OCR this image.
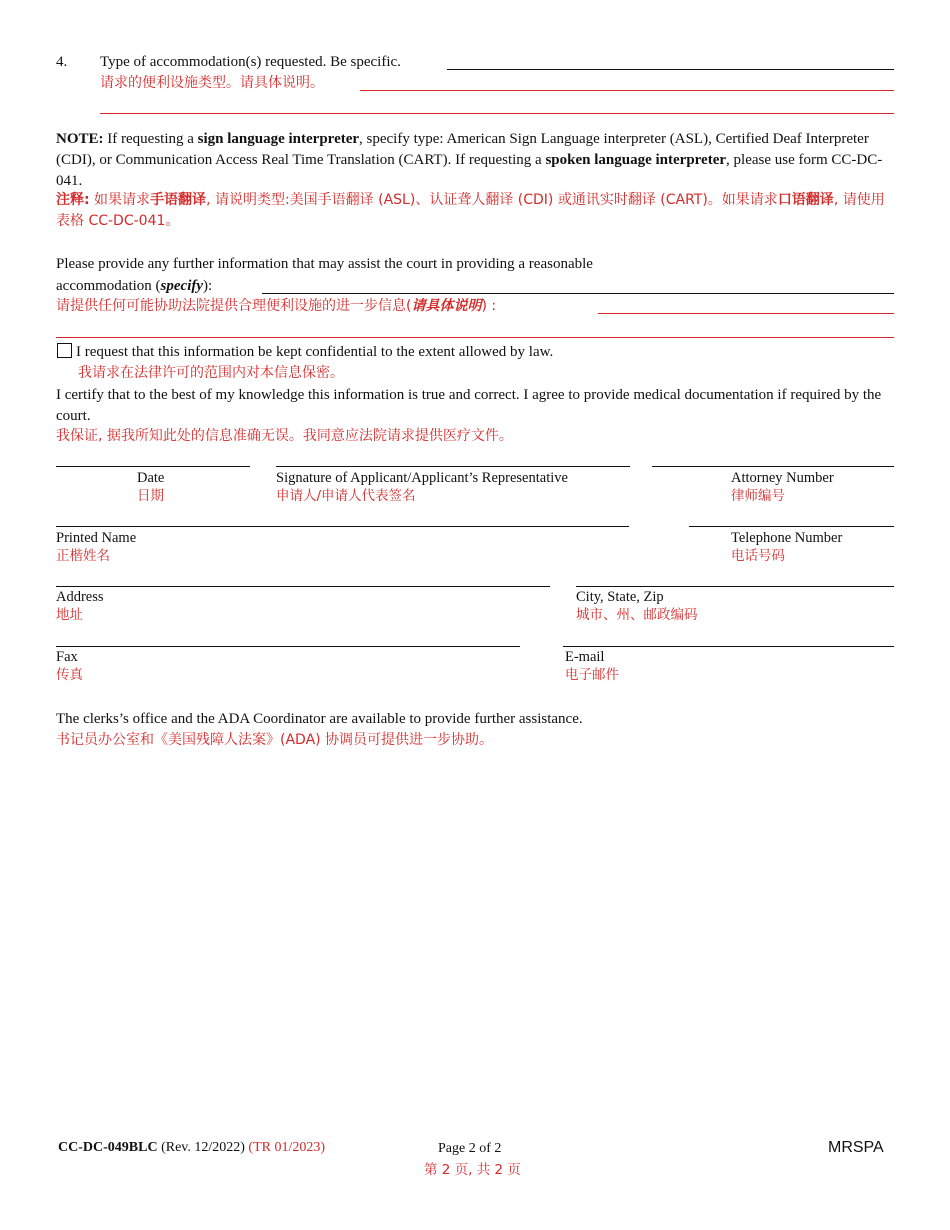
4. Type of accommodation(s) requested. Be specific.
请求的便利设施类型。请具体说明。
NOTE: If requesting a sign language interpreter, specify type: American Sign Language interpreter (ASL), Certified Deaf Interpreter (CDI), or Communication Access Real Time Translation (CART). If requesting a spoken language interpreter, please use form CC-DC-041.
注释: 如果请求手语翻译, 请说明类型:美国手语翻译 (ASL)、认证聋人翻译 (CDI) 或通讯实时翻译 (CART)。如果请求口语翻译, 请使用表格 CC-DC-041。
Please provide any further information that may assist the court in providing a reasonable
accommodation (specify):
请提供任何可能协助法院提供合理便利设施的进一步信息(请具体说明) :
I request that this information be kept confidential to the extent allowed by law.
我请求在法律许可的范围内对本信息保密。
I certify that to the best of my knowledge this information is true and correct. I agree to provide medical documentation if required by the court.
我保证, 据我所知此处的信息准确无误。我同意应法院请求提供医疗文件。
Date
日期
Signature of Applicant/Applicant’s Representative
申请人/申请人代表签名
Attorney Number
律师编号
Printed Name
正楷姓名
Telephone Number
电话号码
Address
地址
City, State, Zip
城市、州、邮政编码
Fax
传真
E-mail
电子邮件
The clerks’s office and the ADA Coordinator are available to provide further assistance.
书记员办公室和《美国残障人法案》(ADA) 协调员可提供进一步协助。
CC-DC-049BLC (Rev. 12/2022) (TR 01/2023)	Page 2 of 2
第 2 页, 共 2 页
MRSPA
